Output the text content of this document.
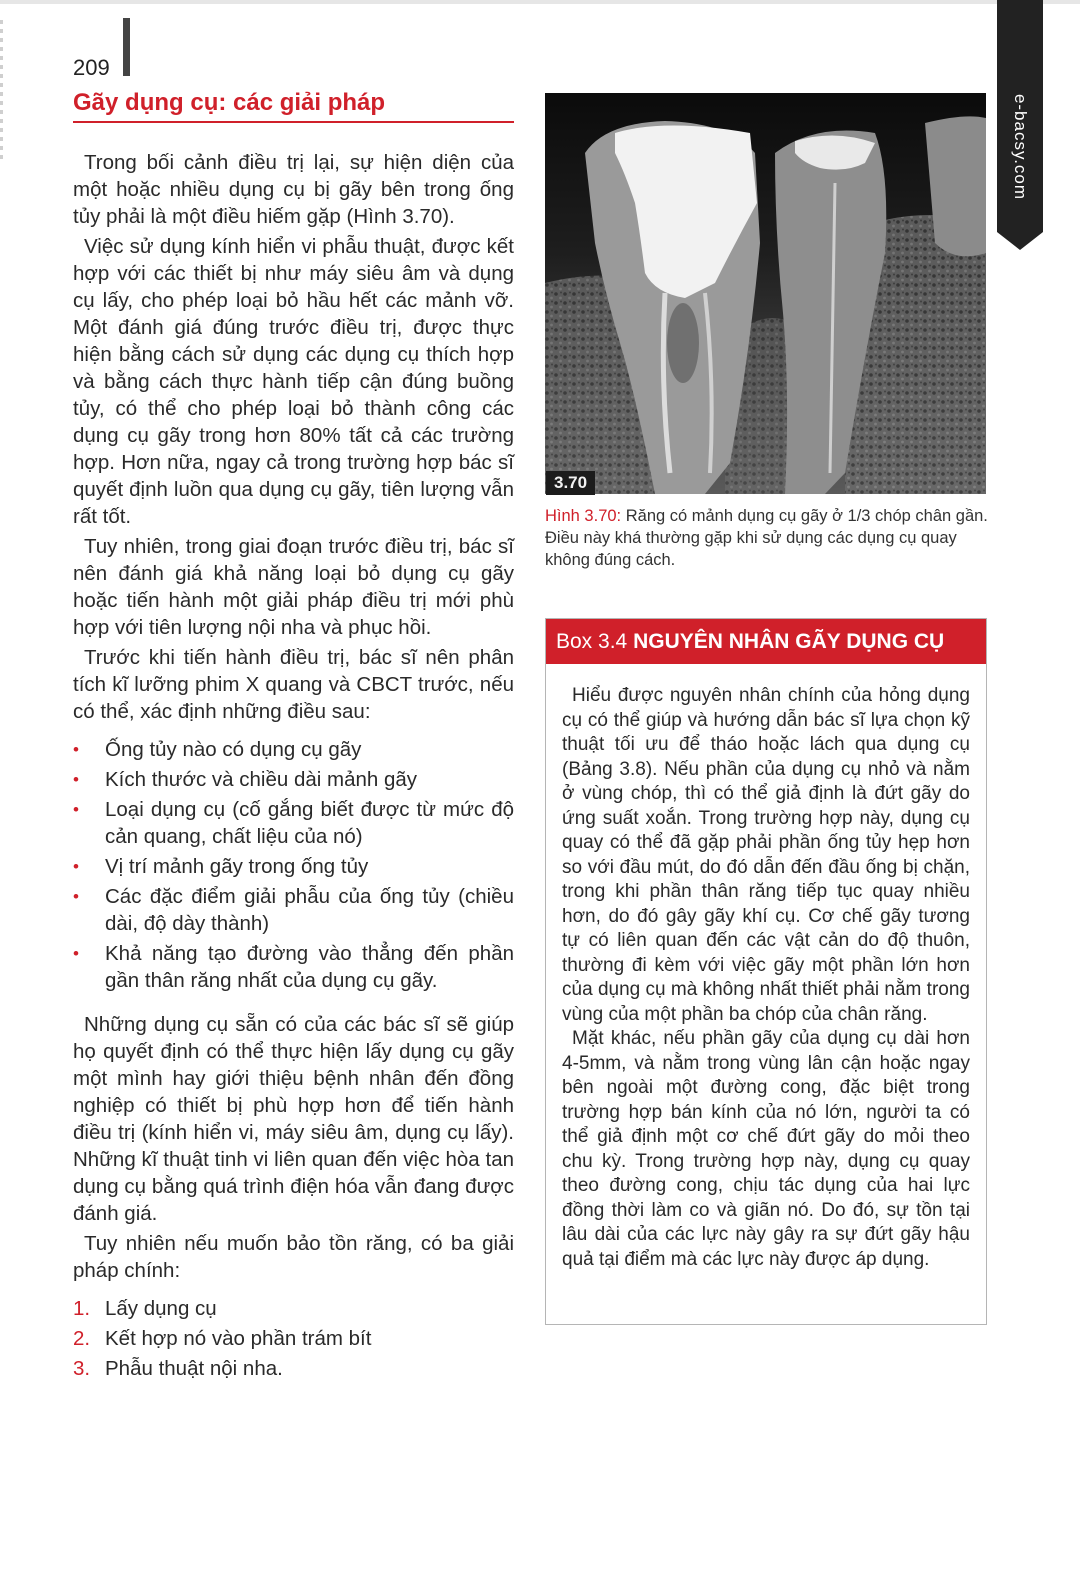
209
Gãy dụng cụ: các giải pháp

Trong bối cảnh điều trị lại, sự hiện diện của một hoặc nhiều dụng cụ bị gãy bên trong ống tủy phải là một điều hiếm gặp (Hình 3.70).

Việc sử dụng kính hiển vi phẫu thuật, được kết hợp với các thiết bị như máy siêu âm và dụng cụ lấy, cho phép loại bỏ hầu hết các mảnh vỡ. Một đánh giá đúng trước điều trị, được thực hiện bằng cách sử dụng các dụng cụ thích hợp và bằng cách thực hành tiếp cận đúng buồng tủy, có thể cho phép loại bỏ thành công các dụng cụ gãy trong hơn 80% tất cả các trường hợp. Hơn nữa, ngay cả trong trường hợp bác sĩ quyết định luồn qua dụng cụ gãy, tiên lượng vẫn rất tốt.

Tuy nhiên, trong giai đoạn trước điều trị, bác sĩ nên đánh giá khả năng loại bỏ dụng cụ gãy hoặc tiến hành một giải pháp điều trị mới phù hợp với tiên lượng nội nha và phục hồi.

Trước khi tiến hành điều trị, bác sĩ nên phân tích kĩ lưỡng phim X quang và CBCT trước, nếu có thể, xác định những điều sau:

• Ống tủy nào có dụng cụ gãy
• Kích thước và chiều dài mảnh gãy
• Loại dụng cụ (cố gắng biết được từ mức độ cản quang, chất liệu của nó)
• Vị trí mảnh gãy trong ống tủy
• Các đặc điểm giải phẫu của ống tủy (chiều dài, độ dày thành)
• Khả năng tạo đường vào thẳng đến phần gần thân răng nhất của dụng cụ gãy.

Những dụng cụ sẵn có của các bác sĩ sẽ giúp họ quyết định có thể thực hiện lấy dụng cụ gãy một mình hay giới thiệu bệnh nhân đến đồng nghiệp có thiết bị phù hợp hơn để tiến hành điều trị (kính hiển vi, máy siêu âm, dụng cụ lấy). Những kĩ thuật tinh vi liên quan đến việc hòa tan dụng cụ bằng quá trình điện hóa vẫn đang được đánh giá.

Tuy nhiên nếu muốn bảo tồn răng, có ba giải pháp chính:

1. Lấy dụng cụ
2. Kết hợp nó vào phần trám bít
3. Phẫu thuật nội nha.
3.70
Hình 3.70: Răng có mảnh dụng cụ gãy ở 1/3 chóp chân gần. Điều này khá thường gặp khi sử dụng các dụng cụ quay không đúng cách.
Box 3.4 NGUYÊN NHÂN GÃY DỤNG CỤ

Hiểu được nguyên nhân chính của hỏng dụng cụ có thể giúp và hướng dẫn bác sĩ lựa chọn kỹ thuật tối ưu để tháo hoặc lách qua dụng cụ (Bảng 3.8). Nếu phần của dụng cụ nhỏ và nằm ở vùng chóp, thì có thể giả định là đứt gãy do ứng suất xoắn. Trong trường hợp này, dụng cụ quay có thể đã gặp phải phần ống tủy hẹp hơn so với đầu mút, do đó dẫn đến đầu ống bị chặn, trong khi phần thân răng tiếp tục quay nhiều hơn, do đó gây gãy khí cụ. Cơ chế gãy tương tự có liên quan đến các vật cản do độ thuôn, thường đi kèm với việc gãy một phần lớn hơn của dụng cụ mà không nhất thiết phải nằm trong vùng của một phần ba chóp của chân răng.

Mặt khác, nếu phần gãy của dụng cụ dài hơn 4-5mm, và nằm trong vùng lân cận hoặc ngay bên ngoài một đường cong, đặc biệt trong trường hợp bán kính của nó lớn, người ta có thể giả định một cơ chế đứt gãy do mỏi theo chu kỳ. Trong trường hợp này, dụng cụ quay theo đường cong, chịu tác dụng của hai lực đồng thời làm co và giãn nó. Do đó, sự tồn tại lâu dài của các lực này gây ra sự đứt gãy hậu quả tại điểm mà các lực này được áp dụng.

e-bacsy.com
